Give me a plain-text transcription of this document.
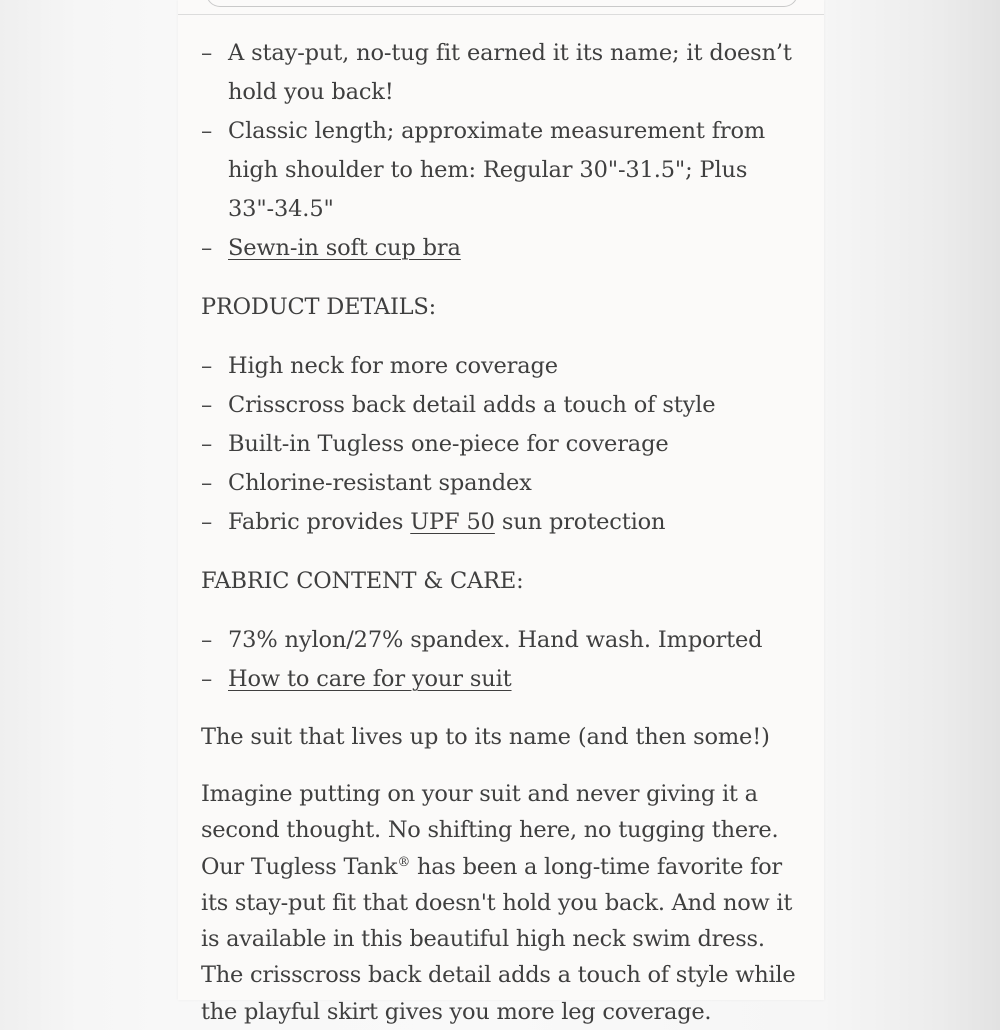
– A stay-put, no-tug fit earned it its name; it doesn’t hold you back!
– Classic length; approximate measurement from high shoulder to hem: Regular 30"-31.5"; Plus 33"-34.5"
– Sewn-in soft cup bra
PRODUCT DETAILS:
– High neck for more coverage
– Crisscross back detail adds a touch of style
– Built-in Tugless one-piece for coverage
– Chlorine-resistant spandex
– Fabric provides UPF 50 sun protection
FABRIC CONTENT & CARE:
– 73% nylon/27% spandex. Hand wash. Imported
– How to care for your suit
The suit that lives up to its name (and then some!)

Imagine putting on your suit and never giving it a second thought. No shifting here, no tugging there. Our Tugless Tank® has been a long-time favorite for its stay-put fit that doesn't hold you back. And now it is available in this beautiful high neck swim dress. The crisscross back detail adds a touch of style while the playful skirt gives you more leg coverage.
